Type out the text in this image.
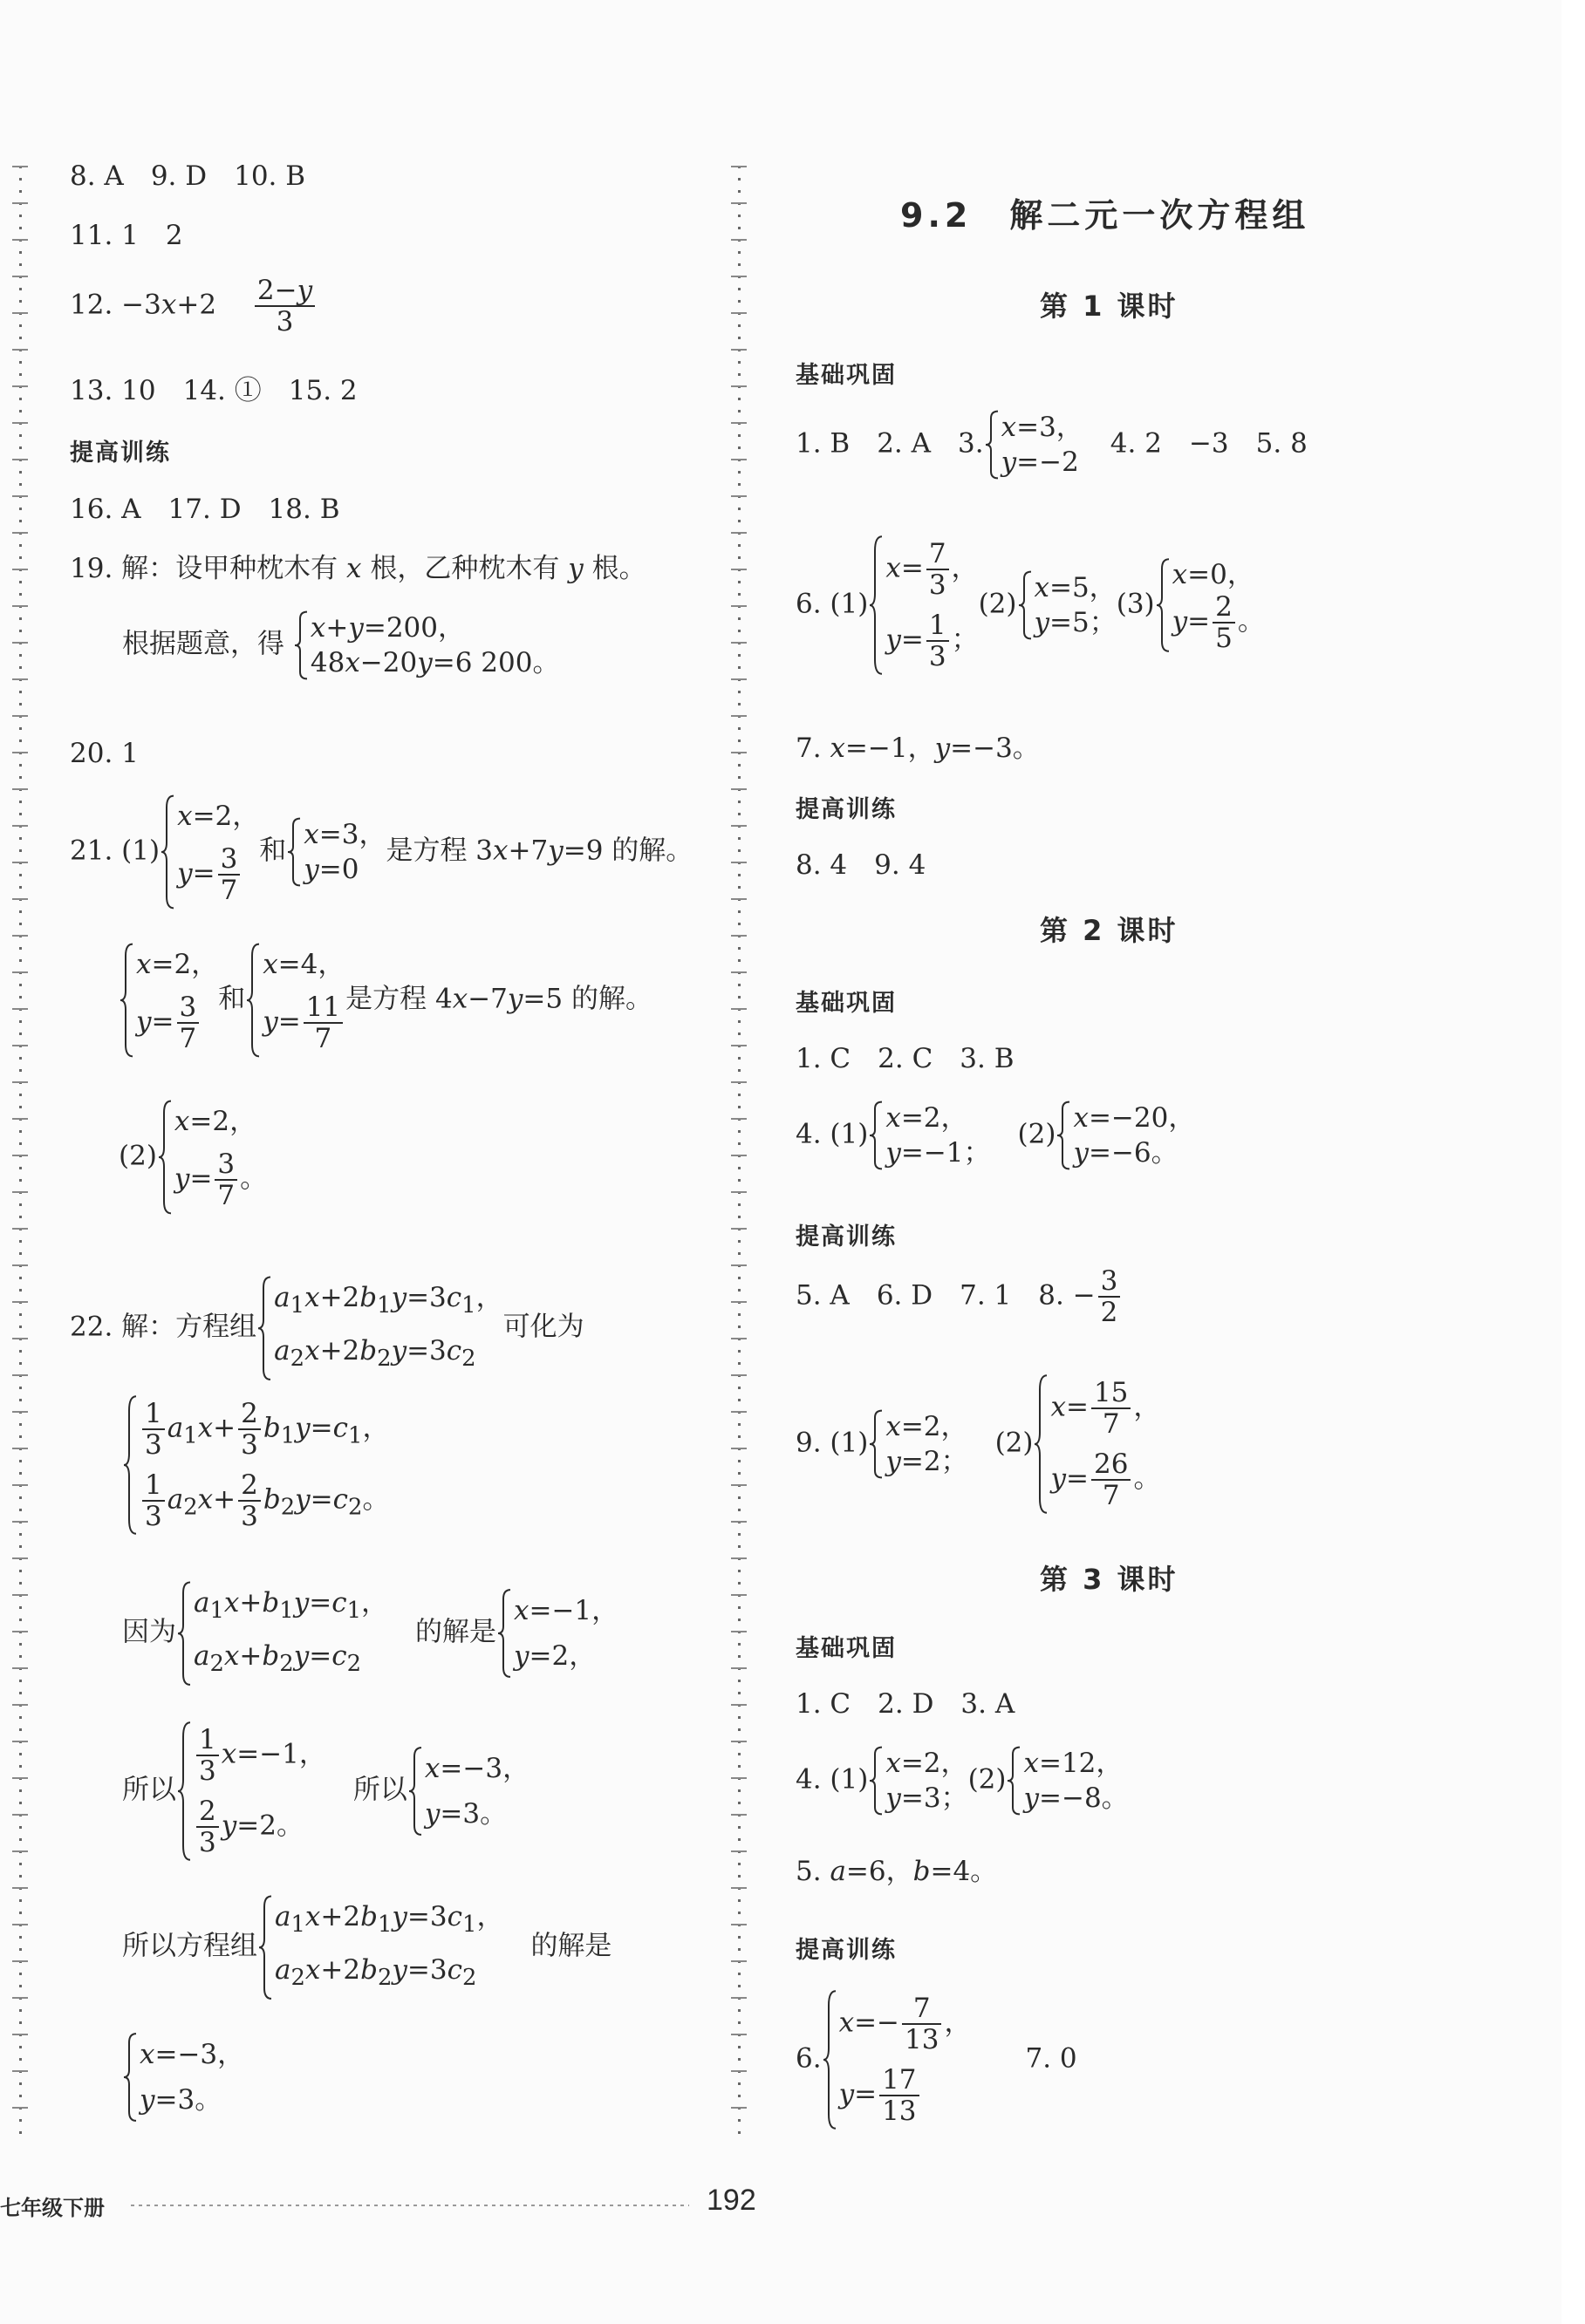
8. A　9. D　10. B
11. 1　2
12. −3x+2　 $\frac{2-y}{3}$
13. 10　14. ①　15. 2
提高训练
16. A　17. D　18. B
19. 解：设甲种枕木有 x 根，乙种枕木有 y 根。
根据题意，得
x+y=200，
48x−20y=6 200。
20. 1
21. (1)
x=2，
$y= \frac{3}{7}$ 和
x=3，
y=0
是方程 3x+7y=9 的解。
x=2，
$y= \frac{3}{7}$ 和
x=4，
$y= \frac{11}{7}$ 是方程 4x−7y=5 的解。
(2)
x=2，
$y= \frac{3}{7}$ 。
22. 解：方程组
$a_1x+2b_1y=3c_1$，
$a_2x+2b_2y=3c_2$
可化为
$\frac{1}{3} a_1x+ \frac{2}{3} b_1y=c_1$，
$\frac{1}{3} a_2x+ \frac{2}{3} b_2y=c_2$。
因为
$a_1x+b_1y=c_1$，
$a_2x+b_2y=c_2$
　的解是
x=−1，
y=2，
所以
$\frac{1}{3} x=-1$，
$\frac{2}{3} y=2$。
　所以
x=−3，
y=3。
所以方程组
$a_1x+2b_1y=3c_1$，
$a_2x+2b_2y=3c_2$
　的解是
x=−3，
y=3。
9.2　解二元一次方程组
第 1 课时
基础巩固
1. B　2. A　3.
x=3，
y=−2
　4. 2　−3　5. 8
6. (1)
$x= \frac{7}{3}$ ，
$y= \frac{1}{3}$ ；
(2)
x=5，
y=5；
(3)
x=0，
$y= \frac{2}{5}$ 。
7. x=−1，y=−3。
提高训练
8. 4　9. 4
第 2 课时
基础巩固
1. C　2. C　3. B
4. (1)
x=2，
y=−1；
　(2)
x=−20，
y=−6。
提高训练
5. A　6. D　7. 1　8. − $\frac{3}{2}$
9. (1)
x=2，
y=2；
　(2)
$x= \frac{15}{7}$ ，
$y= \frac{26}{7}$ 。
第 3 课时
基础巩固
1. C　2. D　3. A
4. (1)
x=2，
y=3；
(2)
x=12，
y=−8。
5. a=6，b=4。
提高训练
6.
$x=- \frac{7}{13}$ ，
$y= \frac{17}{13}$
　　7. 0
七年级下册	192
